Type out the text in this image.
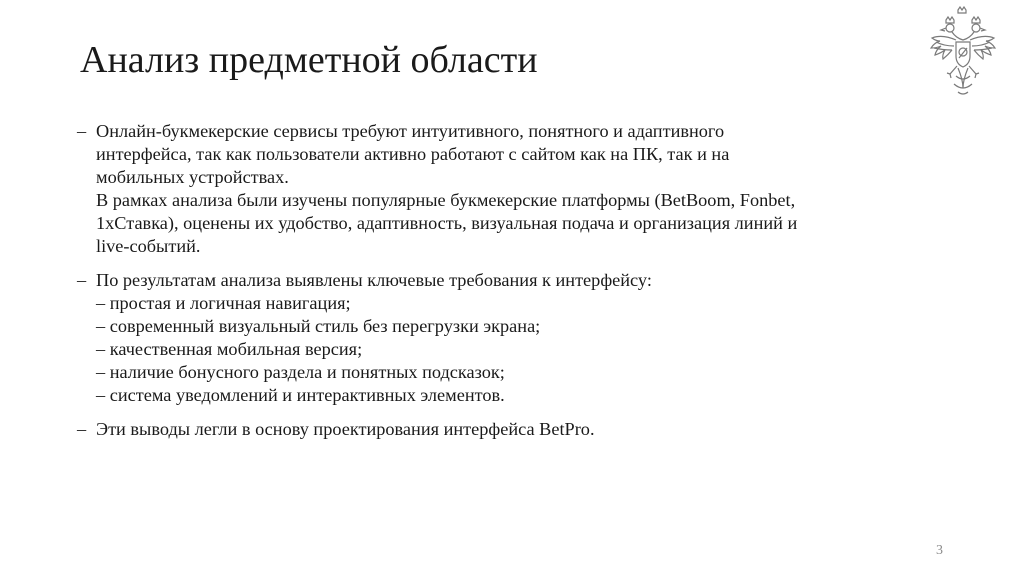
Анализ предметной области
– Онлайн-букмекерские сервисы требуют интуитивного, понятного и адаптивного
интерфейса, так как пользователи активно работают с сайтом как на ПК, так и на
мобильных устройствах.
В рамках анализа были изучены популярные букмекерские платформы (BetBoom, Fonbet,
1хСтавка), оценены их удобство, адаптивность, визуальная подача и организация линий и
live-событий.
– По результатам анализа выявлены ключевые требования к интерфейсу:
– простая и логичная навигация;
– современный визуальный стиль без перегрузки экрана;
– качественная мобильная версия;
– наличие бонусного раздела и понятных подсказок;
– система уведомлений и интерактивных элементов.
– Эти выводы легли в основу проектирования интерфейса BetPro.
3
